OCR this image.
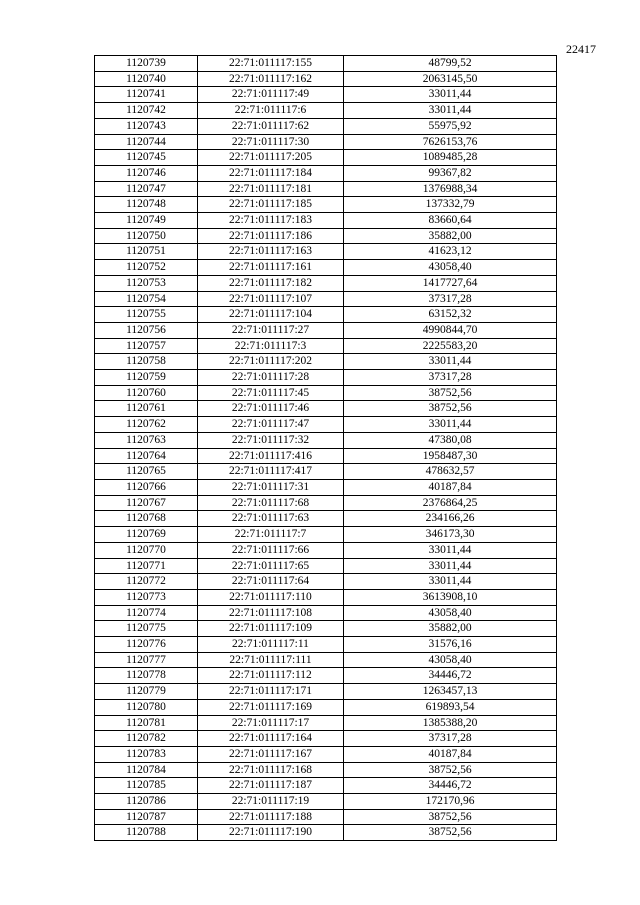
22417
1120739	22:71:011117:155	48799,52
1120740	22:71:011117:162	2063145,50
1120741	22:71:011117:49	33011,44
1120742	22:71:011117:6	33011,44
1120743	22:71:011117:62	55975,92
1120744	22:71:011117:30	7626153,76
1120745	22:71:011117:205	1089485,28
1120746	22:71:011117:184	99367,82
1120747	22:71:011117:181	1376988,34
1120748	22:71:011117:185	137332,79
1120749	22:71:011117:183	83660,64
1120750	22:71:011117:186	35882,00
1120751	22:71:011117:163	41623,12
1120752	22:71:011117:161	43058,40
1120753	22:71:011117:182	1417727,64
1120754	22:71:011117:107	37317,28
1120755	22:71:011117:104	63152,32
1120756	22:71:011117:27	4990844,70
1120757	22:71:011117:3	2225583,20
1120758	22:71:011117:202	33011,44
1120759	22:71:011117:28	37317,28
1120760	22:71:011117:45	38752,56
1120761	22:71:011117:46	38752,56
1120762	22:71:011117:47	33011,44
1120763	22:71:011117:32	47380,08
1120764	22:71:011117:416	1958487,30
1120765	22:71:011117:417	478632,57
1120766	22:71:011117:31	40187,84
1120767	22:71:011117:68	2376864,25
1120768	22:71:011117:63	234166,26
1120769	22:71:011117:7	346173,30
1120770	22:71:011117:66	33011,44
1120771	22:71:011117:65	33011,44
1120772	22:71:011117:64	33011,44
1120773	22:71:011117:110	3613908,10
1120774	22:71:011117:108	43058,40
1120775	22:71:011117:109	35882,00
1120776	22:71:011117:11	31576,16
1120777	22:71:011117:111	43058,40
1120778	22:71:011117:112	34446,72
1120779	22:71:011117:171	1263457,13
1120780	22:71:011117:169	619893,54
1120781	22:71:011117:17	1385388,20
1120782	22:71:011117:164	37317,28
1120783	22:71:011117:167	40187,84
1120784	22:71:011117:168	38752,56
1120785	22:71:011117:187	34446,72
1120786	22:71:011117:19	172170,96
1120787	22:71:011117:188	38752,56
1120788	22:71:011117:190	38752,56
